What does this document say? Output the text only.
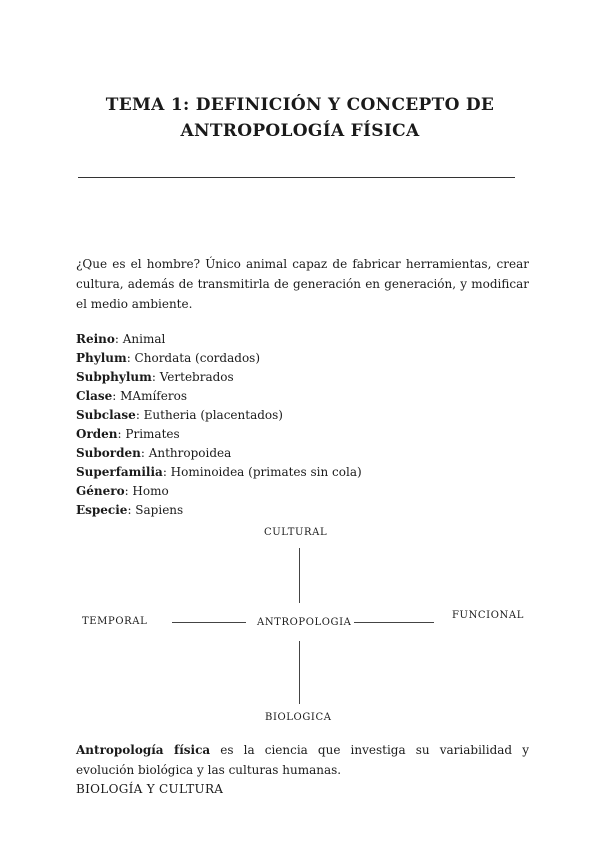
TEMA 1: DEFINICIÓN Y CONCEPTO DE
ANTROPOLOGÍA FÍSICA
¿Que es el hombre? Único animal capaz de fabricar herramientas, crear cultura, además de transmitirla de generación en generación, y modificar el medio ambiente.
Reino: Animal
Phylum: Chordata (cordados)
Subphylum: Vertebrados
Clase: MAmíferos
Subclase: Eutheria (placentados)
Orden: Primates
Suborden: Anthropoidea
Superfamilia: Hominoidea (primates sin cola)
Género: Homo
Especie: Sapiens
CULTURAL
TEMPORAL	ANTROPOLOGIA
FUNCIONAL
BIOLOGICA
Antropología física es la ciencia que investiga su variabilidad y evolución biológica y las culturas humanas.
BIOLOGÍA Y CULTURA
